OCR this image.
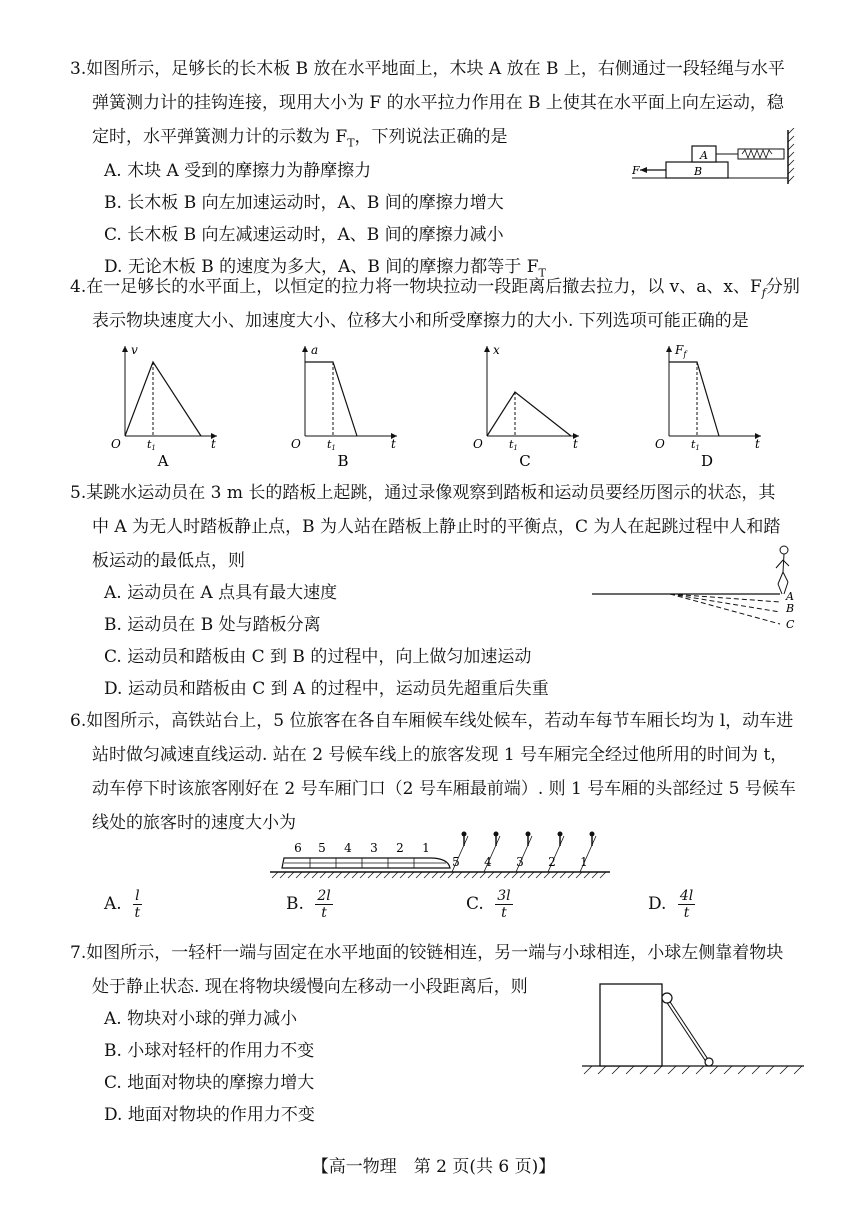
3.如图所示，足够长的长木板 B 放在水平地面上，木块 A 放在 B 上，右侧通过一段轻绳与水平
弹簧测力计的挂钩连接，现用大小为 F 的水平拉力作用在 B 上使其在水平面上向左运动，稳
定时，水平弹簧测力计的示数为 $F_T$，下列说法正确的是
A. 木块 A 受到的摩擦力为静摩擦力
B. 长木板 B 向左加速运动时，A、B 间的摩擦力增大
C. 长木板 B 向左减速运动时，A、B 间的摩擦力减小
D. 无论木板 B 的速度为多大，A、B 间的摩擦力都等于 $F_T$
A
B
F
4.在一足够长的水平面上，以恒定的拉力将一物块拉动一段距离后撤去拉力，以 v、a、x、$F_f$分别
表示物块速度大小、加速度大小、位移大小和所受摩擦力的大小. 下列选项可能正确的是
v
O t1	t
A
a
O t1	t
B
x
O t1	t
C
$F_f$
O t1	t
D
5.某跳水运动员在 3 m 长的踏板上起跳，通过录像观察到踏板和运动员要经历图示的状态，其
中 A 为无人时踏板静止点，B 为人站在踏板上静止时的平衡点，C 为人在起跳过程中人和踏
板运动的最低点，则
A. 运动员在 A 点具有最大速度
B. 运动员在 B 处与踏板分离
C. 运动员和踏板由 C 到 B 的过程中，向上做匀加速运动
D. 运动员和踏板由 C 到 A 的过程中，运动员先超重后失重
A
B
C
6.如图所示，高铁站台上，5 位旅客在各自车厢候车线处候车，若动车每节车厢长均为 l，动车进
站时做匀减速直线运动. 站在 2 号候车线上的旅客发现 1 号车厢完全经过他所用的时间为 t，
动车停下时该旅客刚好在 2 号车厢门口（2 号车厢最前端）. 则 1 号车厢的头部经过 5 号候车
线处的旅客时的速度大小为
6 5 4 3 2 1
5 4 3 2 1
A. $\frac{l}{t}$	B. $\frac{2l}{t}$	C. $\frac{3l}{t}$	D. $\frac{4l}{t}$
7.如图所示，一轻杆一端与固定在水平地面的铰链相连，另一端与小球相连，小球左侧靠着物块
处于静止状态. 现在将物块缓慢向左移动一小段距离后，则
A. 物块对小球的弹力减小
B. 小球对轻杆的作用力不变
C. 地面对物块的摩擦力增大
D. 地面对物块的作用力不变
【高一物理　第 2 页(共 6 页)】
